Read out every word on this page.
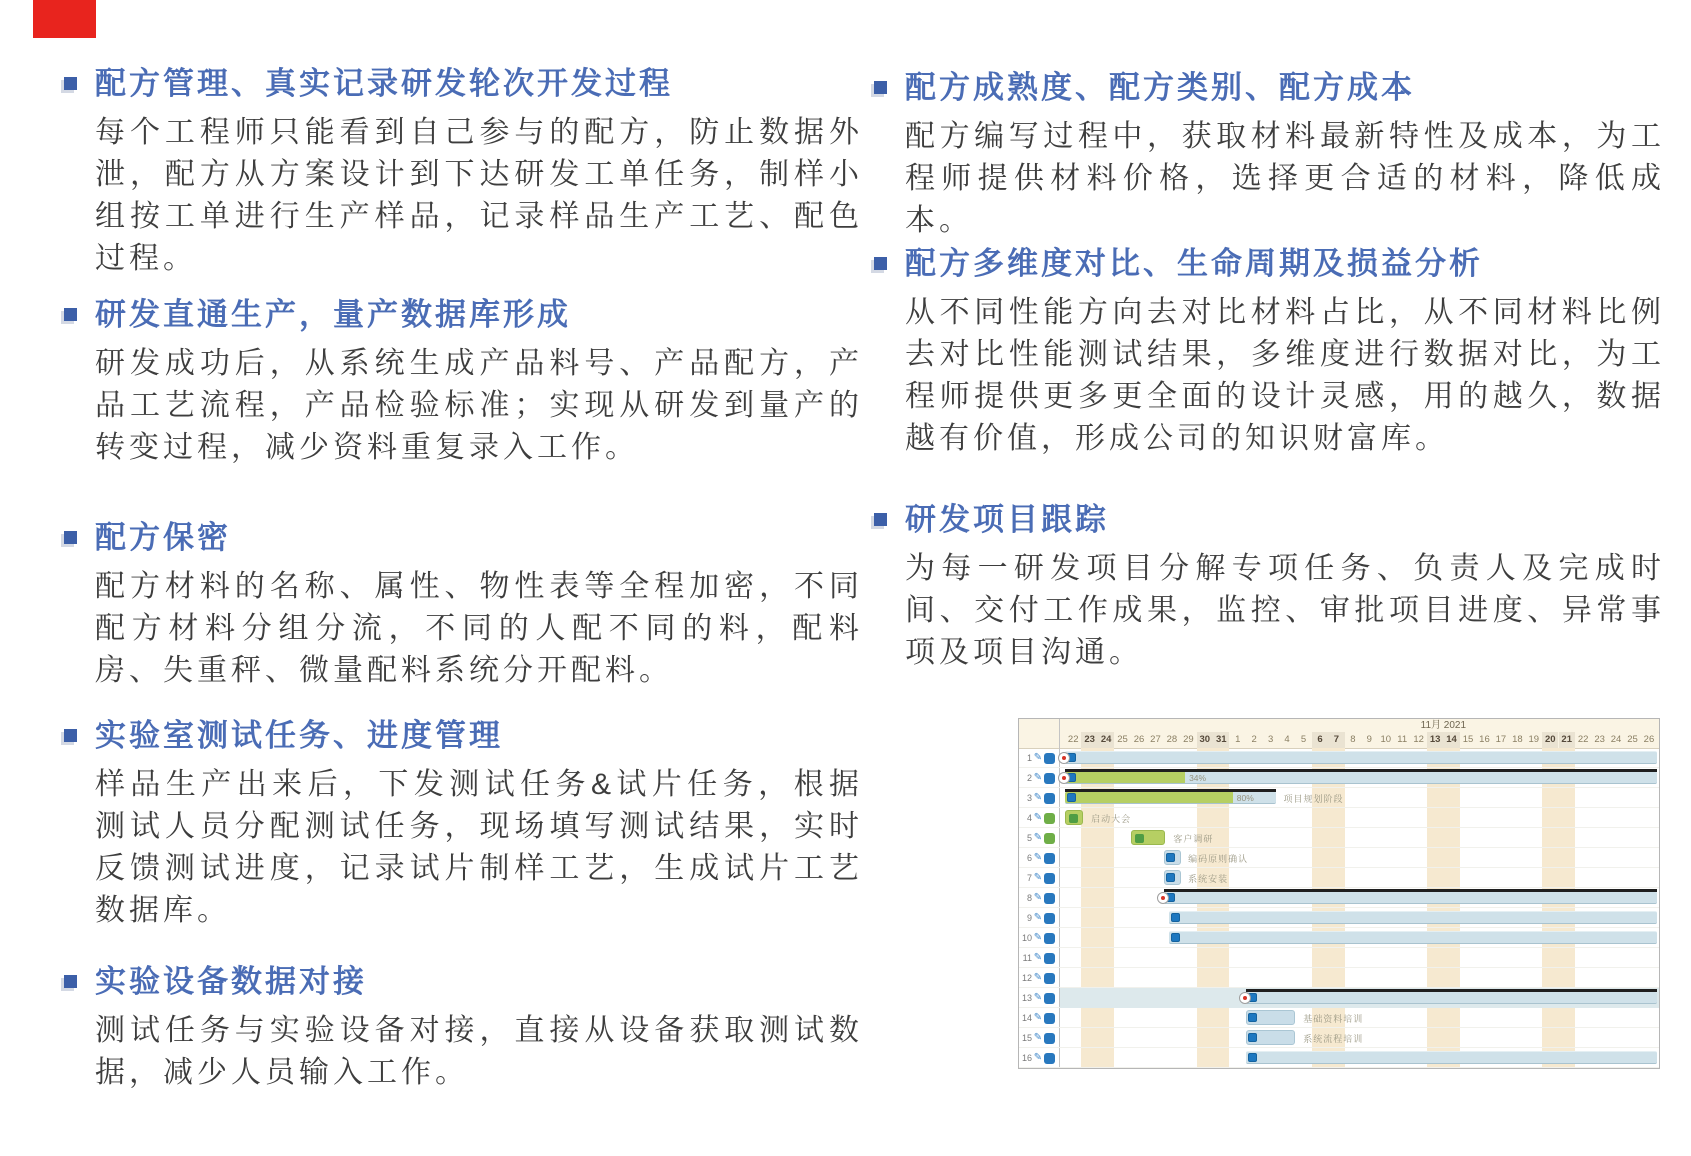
配方管理、真实记录研发轮次开发过程
每个工程师只能看到自己参与的配方，防止数据外泄，配方从方案设计到下达研发工单任务，制样小组按工单进行生产样品，记录样品生产工艺、配色过程。
研发直通生产，量产数据库形成
研发成功后，从系统生成产品料号、产品配方，产品工艺流程，产品检验标准；实现从研发到量产的转变过程，减少资料重复录入工作。
配方保密
配方材料的名称、属性、物性表等全程加密，不同配方材料分组分流，不同的人配不同的料，配料房、失重秤、微量配料系统分开配料。
实验室测试任务、进度管理
样品生产出来后，下发测试任务&试片任务，根据测试人员分配测试任务，现场填写测试结果，实时反馈测试进度，记录试片制样工艺，生成试片工艺数据库。
实验设备数据对接
测试任务与实验设备对接，直接从设备获取测试数据，减少人员输入工作。
配方成熟度、配方类别、配方成本
配方编写过程中，获取材料最新特性及成本，为工程师提供材料价格，选择更合适的材料，降低成本。
配方多维度对比、生命周期及损益分析
从不同性能方向去对比材料占比，从不同材料比例去对比性能测试结果，多维度进行数据对比，为工程师提供更多更全面的设计灵感，用的越久，数据越有价值，形成公司的知识财富库。
研发项目跟踪
为每一研发项目分解专项任务、负责人及完成时间、交付工作成果，监控、审批项目进度、异常事项及项目沟通。
11月 2021
22 23 24 25 26 27 28 29 30 31 1	2	3	4	5	6	7	8	9 10 11 12 13 14 15 16 17 18 19 20 21 22 23 24 25 26
1 ✎
2 ✎	34%
3 ✎	80%	项目规划阶段
4 ✎	启动大会
5 ✎	客户调研
6 ✎	编码原则确认
7 ✎	系统安装
8 ✎
9 ✎
10 ✎
11 ✎
12 ✎
13 ✎
14 ✎	基础资料培训
15 ✎	系统流程培训
16 ✎
